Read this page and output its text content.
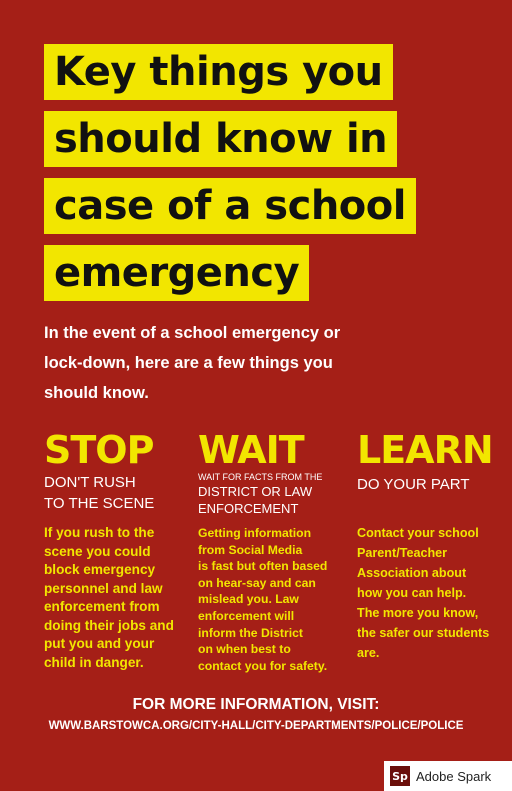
Key things you
should know in
case of a school
emergency
In the event of a school emergency or
lock-down, here are a few things you
should know.
STOP
DON'T RUSH
TO THE SCENE
If you rush to the
scene you could
block emergency
personnel and law
enforcement from
doing their jobs and
put you and your
child in danger.
WAIT
WAIT FOR FACTS FROM THE
DISTRICT OR LAW
ENFORCEMENT
Getting information
from Social Media
is fast but often based
on hear-say and can
mislead you. Law
enforcement will
inform the District
on when best to
contact you for safety.
LEARN
DO YOUR PART
Contact your school
Parent/Teacher
Association about
how you can help.
The more you know,
the safer our students
are.
FOR MORE INFORMATION, VISIT:
WWW.BARSTOWCA.ORG/CITY-HALL/CITY-DEPARTMENTS/POLICE/POLICE
Sp Adobe Spark
